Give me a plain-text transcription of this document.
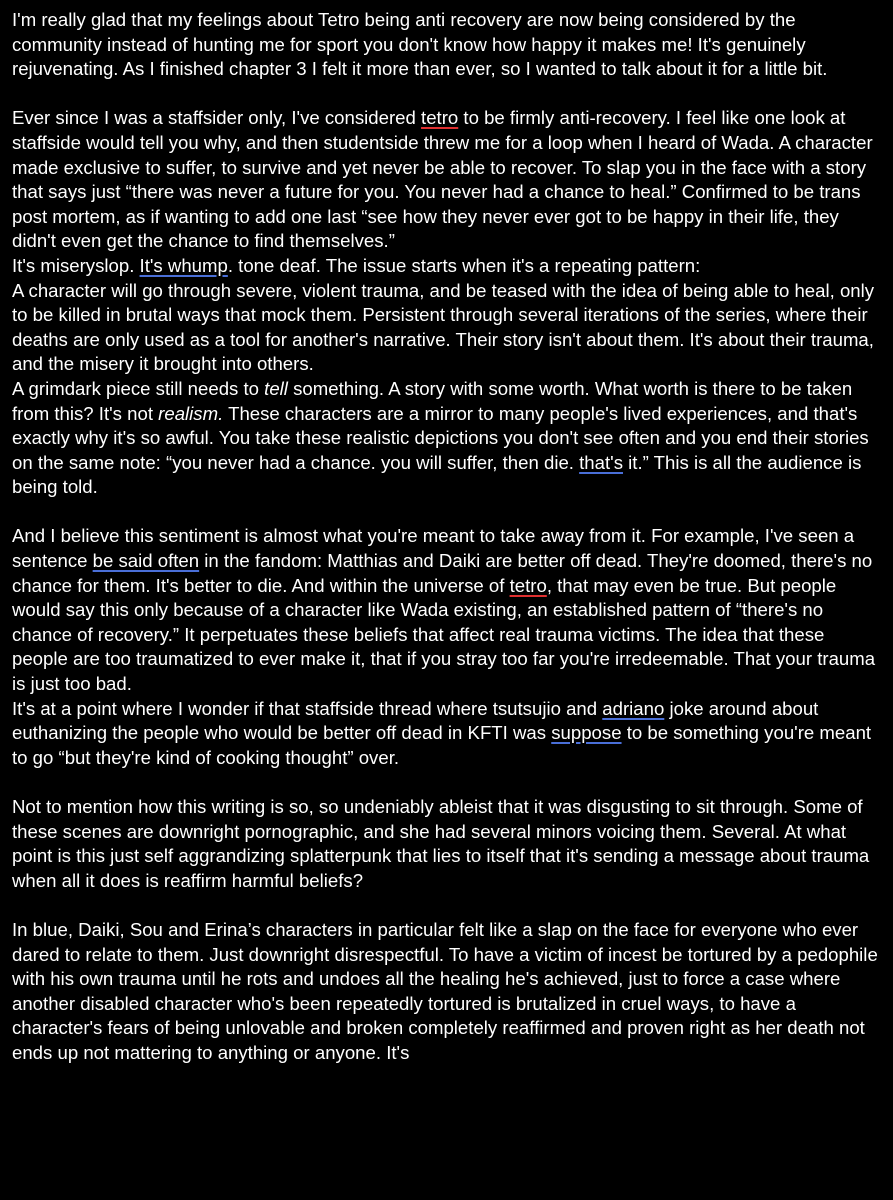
I'm really glad that my feelings about Tetro being anti recovery are now being considered by the community instead of hunting me for sport you don't know how happy it makes me! It's genuinely rejuvenating. As I finished chapter 3 I felt it more than ever, so I wanted to talk about it for a little bit.

Ever since I was a staffsider only, I've considered tetro to be firmly anti-recovery. I feel like one look at staffside would tell you why, and then studentside threw me for a loop when I heard of Wada. A character made exclusive to suffer, to survive and yet never be able to recover. To slap you in the face with a story that says just “there was never a future for you. You never had a chance to heal.” Confirmed to be trans post mortem, as if wanting to add one last “see how they never ever got to be happy in their life, they didn't even get the chance to find themselves.”

It's miseryslop. It's whump. tone deaf. The issue starts when it's a repeating pattern:

A character will go through severe, violent trauma, and be teased with the idea of being able to heal, only to be killed in brutal ways that mock them. Persistent through several iterations of the series, where their deaths are only used as a tool for another's narrative. Their story isn't about them. It's about their trauma, and the misery it brought into others.

A grimdark piece still needs to tell something. A story with some worth. What worth is there to be taken from this? It's not realism. These characters are a mirror to many people's lived experiences, and that's exactly why it's so awful. You take these realistic depictions you don't see often and you end their stories on the same note: “you never had a chance. you will suffer, then die. that's it.” This is all the audience is being told.

And I believe this sentiment is almost what you're meant to take away from it. For example, I've seen a sentence be said often in the fandom: Matthias and Daiki are better off dead. They're doomed, there's no chance for them. It's better to die. And within the universe of tetro, that may even be true. But people would say this only because of a character like Wada existing, an established pattern of “there's no chance of recovery.” It perpetuates these beliefs that affect real trauma victims. The idea that these people are too traumatized to ever make it, that if you stray too far you're irredeemable. That your trauma is just too bad.

It's at a point where I wonder if that staffside thread where tsutsujio and adriano joke around about euthanizing the people who would be better off dead in KFTI was suppose to be something you're meant to go “but they're kind of cooking thought” over.

Not to mention how this writing is so, so undeniably ableist that it was disgusting to sit through. Some of these scenes are downright pornographic, and she had several minors voicing them. Several. At what point is this just self aggrandizing splatterpunk that lies to itself that it's sending a message about trauma when all it does is reaffirm harmful beliefs?

In blue, Daiki, Sou and Erina’s characters in particular felt like a slap on the face for everyone who ever dared to relate to them. Just downright disrespectful. To have a victim of incest be tortured by a pedophile with his own trauma until he rots and undoes all the healing he's achieved, just to force a case where another disabled character who's been repeatedly tortured is brutalized in cruel ways, to have a character's fears of being unlovable and broken completely reaffirmed and proven right as her death not ends up not mattering to anything or anyone. It's
